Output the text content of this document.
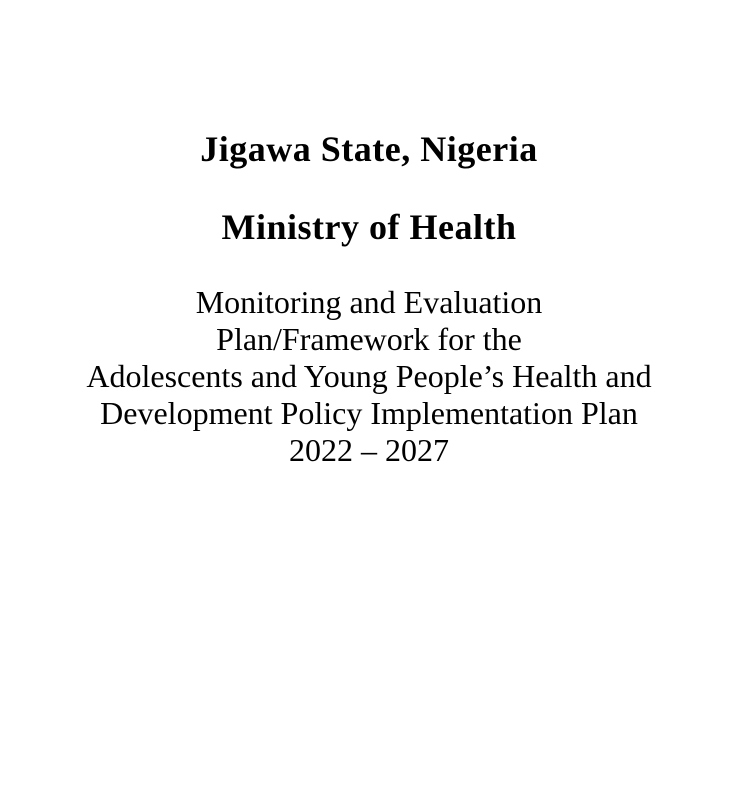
Jigawa State, Nigeria
Ministry of Health

Monitoring and Evaluation
Plan/Framework for the
Adolescents and Young People’s Health and
Development Policy Implementation Plan
2022 – 2027
